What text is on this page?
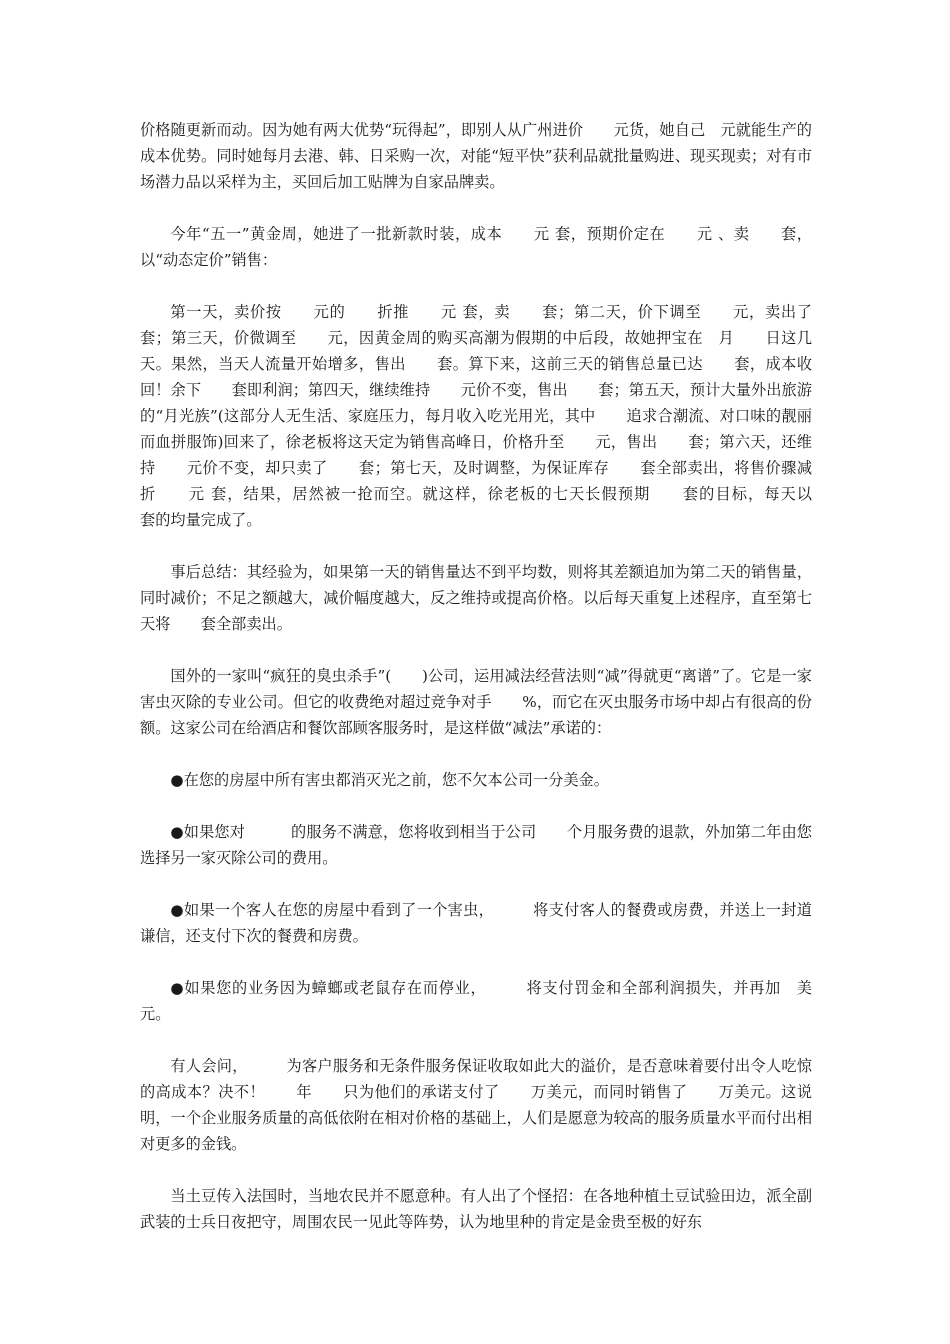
价格随更新而动。因为她有两大优势“玩得起”，即别人从广州进价　　元货，她自己　元就能生产的成本优势。同时她每月去港、韩、日采购一次，对能“短平快”获利品就批量购进、现买现卖；对有市场潜力品以采样为主，买回后加工贴牌为自家品牌卖。

今年“五一”黄金周，她进了一批新款时装，成本　　元 套，预期价定在　　元 、卖　　套，以“动态定价”销售：

第一天，卖价按　　元的　　折推　　元 套，卖　　套；第二天，价下调至　　元，卖出了　　套；第三天，价微调至　　元，因黄金周的购买高潮为假期的中后段，故她押宝在　月　　日这几天。果然，当天人流量开始增多，售出　　套。算下来，这前三天的销售总量已达　　套，成本收回！余下　　套即利润；第四天，继续维持　　元价不变，售出　　套；第五天，预计大量外出旅游的“月光族”(这部分人无生活、家庭压力，每月收入吃光用光，其中　　追求合潮流、对口味的靓丽而血拼服饰)回来了，徐老板将这天定为销售高峰日，价格升至　　元，售出　　套；第六天，还维持　　元价不变，却只卖了　　套；第七天，及时调整，为保证库存　　套全部卖出，将售价骤减　折　　元 套，结果，居然被一抢而空。就这样，徐老板的七天长假预期　　套的目标，每天以　　套的均量完成了。

事后总结：其经验为，如果第一天的销售量达不到平均数，则将其差额追加为第二天的销售量，同时减价；不足之额越大，减价幅度越大，反之维持或提高价格。以后每天重复上述程序，直至第七天将　　套全部卖出。

国外的一家叫“疯狂的臭虫杀手”(　　)公司，运用减法经营法则“减”得就更“离谱”了。它是一家害虫灭除的专业公司。但它的收费绝对超过竞争对手　　%，而它在灭虫服务市场中却占有很高的份额。这家公司在给酒店和餐饮部顾客服务时，是这样做“减法”承诺的：

●在您的房屋中所有害虫都消灭光之前，您不欠本公司一分美金。

●如果您对　　　的服务不满意，您将收到相当于公司　　个月服务费的退款，外加第二年由您选择另一家灭除公司的费用。

●如果一个客人在您的房屋中看到了一个害虫，　　　将支付客人的餐费或房费，并送上一封道谦信，还支付下次的餐费和房费。

●如果您的业务因为蟑螂或老鼠存在而停业，　　　将支付罚金和全部利润损失，并再加　美元。

有人会问，　　　为客户服务和无条件服务保证收取如此大的溢价，是否意味着要付出令人吃惊的高成本？决不！　　年　　只为他们的承诺支付了　　万美元，而同时销售了　　万美元。这说明，一个企业服务质量的高低依附在相对价格的基础上，人们是愿意为较高的服务质量水平而付出相对更多的金钱。

当土豆传入法国时，当地农民并不愿意种。有人出了个怪招：在各地种植土豆试验田边，派全副武装的士兵日夜把守，周围农民一见此等阵势，认为地里种的肯定是金贵至极的好东
